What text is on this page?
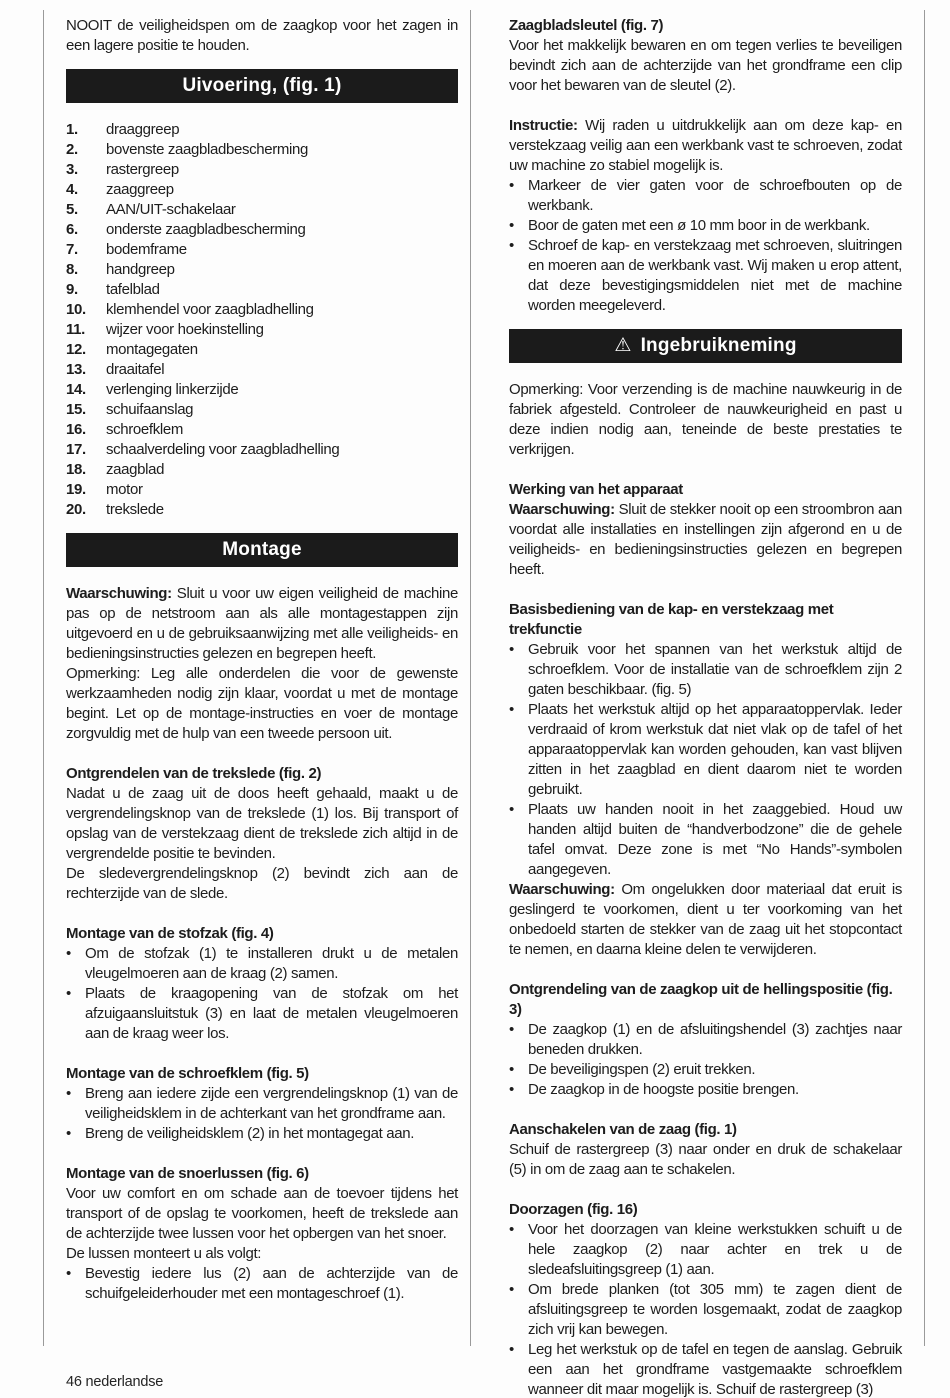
NOOIT de veiligheidspen om de zaagkop voor het zagen in een lagere positie te houden.
Uivoering, (fig. 1)
1.	draaggreep
2.	bovenste zaagbladbescherming
3.	rastergreep
4.	zaaggreep
5.	AAN/UIT-schakelaar
6.	onderste zaagbladbescherming
7.	bodemframe
8.	handgreep
9.	tafelblad
10.	klemhendel voor zaagbladhelling
11.	wijzer voor hoekinstelling
12.	montagegaten
13.	draaitafel
14.	verlenging linkerzijde
15.	schuifaanslag
16.	schroefklem
17.	schaalverdeling voor zaagbladhelling
18.	zaagblad
19.	motor
20.	trekslede
Montage
Waarschuwing: Sluit u voor uw eigen veiligheid de machine pas op de netstroom aan als alle montagestappen zijn uitgevoerd en u de gebruiksaanwijzing met alle veiligheids- en bedieningsinstructies gelezen en begrepen heeft.
Opmerking: Leg alle onderdelen die voor de gewenste werkzaamheden nodig zijn klaar, voordat u met de montage begint. Let op de montage-instructies en voer de montage zorgvuldig met de hulp van een tweede persoon uit.
Ontgrendelen van de trekslede (fig. 2)
Nadat u de zaag uit de doos heeft gehaald, maakt u de vergrendelingsknop van de trekslede (1) los. Bij transport of opslag van de verstekzaag dient de trekslede zich altijd in de vergrendelde positie te bevinden.
De sledevergrendelingsknop (2) bevindt zich aan de rechterzijde van de slede.
Montage van de stofzak (fig. 4)
• Om de stofzak (1) te installeren drukt u de metalen vleugelmoeren aan de kraag (2) samen.
• Plaats de kraagopening van de stofzak om het afzuigaansluitstuk (3) en laat de metalen vleugelmoeren aan de kraag weer los.
Montage van de schroefklem (fig. 5)
• Breng aan iedere zijde een vergrendelingsknop (1) van de veiligheidsklem in de achterkant van het grondframe aan.
• Breng de veiligheidsklem (2) in het montagegat aan.
Montage van de snoerlussen (fig. 6)
Voor uw comfort en om schade aan de toevoer tijdens het transport of de opslag te voorkomen, heeft de trekslede aan de achterzijde twee lussen voor het opbergen van het snoer.
De lussen monteert u als volgt:
• Bevestig iedere lus (2) aan de achterzijde van de schuifgeleiderhouder met een montageschroef (1).
Zaagbladsleutel (fig. 7)
Voor het makkelijk bewaren en om tegen verlies te beveiligen bevindt zich aan de achterzijde van het grondframe een clip voor het bewaren van de sleutel (2).
Instructie: Wij raden u uitdrukkelijk aan om deze kap- en verstekzaag veilig aan een werkbank vast te schroeven, zodat uw machine zo stabiel mogelijk is.
• Markeer de vier gaten voor de schroefbouten op de werkbank.
• Boor de gaten met een ø 10 mm boor in de werkbank.
• Schroef de kap- en verstekzaag met schroeven, sluitringen en moeren aan de werkbank vast. Wij maken u erop attent, dat deze bevestigingsmiddelen niet met de machine worden meegeleverd.
⚠ Ingebruikneming
Opmerking: Voor verzending is de machine nauwkeurig in de fabriek afgesteld. Controleer de nauwkeurigheid en past u deze indien nodig aan, teneinde de beste prestaties te verkrijgen.
Werking van het apparaat
Waarschuwing: Sluit de stekker nooit op een stroombron aan voordat alle installaties en instellingen zijn afgerond en u de veiligheids- en bedieningsinstructies gelezen en begrepen heeft.
Basisbediening van de kap- en verstekzaag met trekfunctie
• Gebruik voor het spannen van het werkstuk altijd de schroefklem. Voor de installatie van de schroefklem zijn 2 gaten beschikbaar. (fig. 5)
• Plaats het werkstuk altijd op het apparaatoppervlak. Ieder verdraaid of krom werkstuk dat niet vlak op de tafel of het apparaatoppervlak kan worden gehouden, kan vast blijven zitten in het zaagblad en dient daarom niet te worden gebruikt.
• Plaats uw handen nooit in het zaaggebied. Houd uw handen altijd buiten de “handverbodzone” die de gehele tafel omvat. Deze zone is met “No Hands”-symbolen aangegeven.
Waarschuwing: Om ongelukken door materiaal dat eruit is geslingerd te voorkomen, dient u ter voorkoming van het onbedoeld starten de stekker van de zaag uit het stopcontact te nemen, en daarna kleine delen te verwijderen.
Ontgrendeling van de zaagkop uit de hellingspositie (fig. 3)
• De zaagkop (1) en de afsluitingshendel (3) zachtjes naar beneden drukken.
• De beveiligingspen (2) eruit trekken.
• De zaagkop in de hoogste positie brengen.
Aanschakelen van de zaag (fig. 1)
Schuif de rastergreep (3) naar onder en druk de schakelaar (5) in om de zaag aan te schakelen.
Doorzagen (fig. 16)
• Voor het doorzagen van kleine werkstukken schuift u de hele zaagkop (2) naar achter en trek u de sledeafsluitingsgreep (1) aan.
• Om brede planken (tot 305 mm) te zagen dient de afsluitingsgreep te worden losgemaakt, zodat de zaagkop zich vrij kan bewegen.
• Leg het werkstuk op de tafel en tegen de aanslag. Gebruik een aan het grondframe vastgemaakte schroefklem wanneer dit maar mogelijk is. Schuif de rastergreep (3)
46 nederlandse
